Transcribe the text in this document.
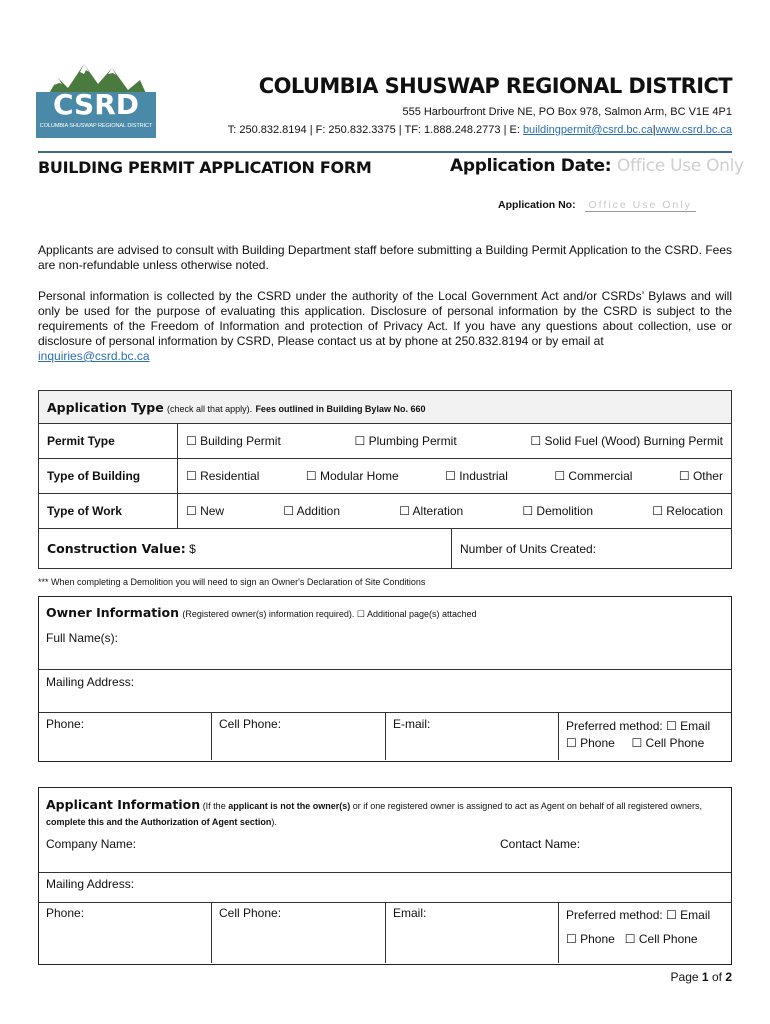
CSRD
COLUMBIA SHUSWAP REGIONAL DISTRICT
COLUMBIA SHUSWAP REGIONAL DISTRICT
555 Harbourfront Drive NE, PO Box 978, Salmon Arm, BC V1E 4P1
T: 250.832.8194 | F: 250.832.3375 | TF: 1.888.248.2773 | E: buildingpermit@csrd.bc.ca|www.csrd.bc.ca
BUILDING PERMIT APPLICATION FORM	Application Date: Office Use Only
Application No: Office Use Only
Applicants are advised to consult with Building Department staff before submitting a Building Permit Application to the CSRD. Fees are non-refundable unless otherwise noted.
Personal information is collected by the CSRD under the authority of the Local Government Act and/or CSRDs’ Bylaws and will only be used for the purpose of evaluating this application. Disclosure of personal information by the CSRD is subject to the requirements of the Freedom of Information and protection of Privacy Act. If you have any questions about collection, use or disclosure of personal information by CSRD, Please contact us at by phone at 250.832.8194 or by email at
inquiries@csrd.bc.ca
Application Type (check all that apply). Fees outlined in Building Bylaw No. 660	
Permit Type	☐ Building Permit ☐ Plumbing Permit ☐ Solid Fuel (Wood) Burning Permit

Type of Building	☐ Residential ☐ Modular Home ☐ Industrial ☐ Commercial ☐ Other

Type of Work	☐ New ☐ Addition ☐ Alteration ☐ Demolition ☐ Relocation
Construction Value: $	Number of Units Created:
*** When completing a Demolition you will need to sign an Owner's Declaration of Site Conditions
Owner Information (Registered owner(s) information required). ☐ Additional page(s) attached
Full Name(s):
Mailing Address:
Phone:	Cell Phone:	E-mail:	Preferred method: ☐ Email
☐ Phone     ☐ Cell Phone
Applicant Information (If the applicant is not the owner(s) or if one registered owner is assigned to act as Agent on behalf of all registered owners, complete this and the Authorization of Agent section).
Company Name:	Contact Name:
Mailing Address:
Phone:	Cell Phone:	Email:	Preferred method: ☐ Email
☐ Phone   ☐ Cell Phone
Page 1 of 2
